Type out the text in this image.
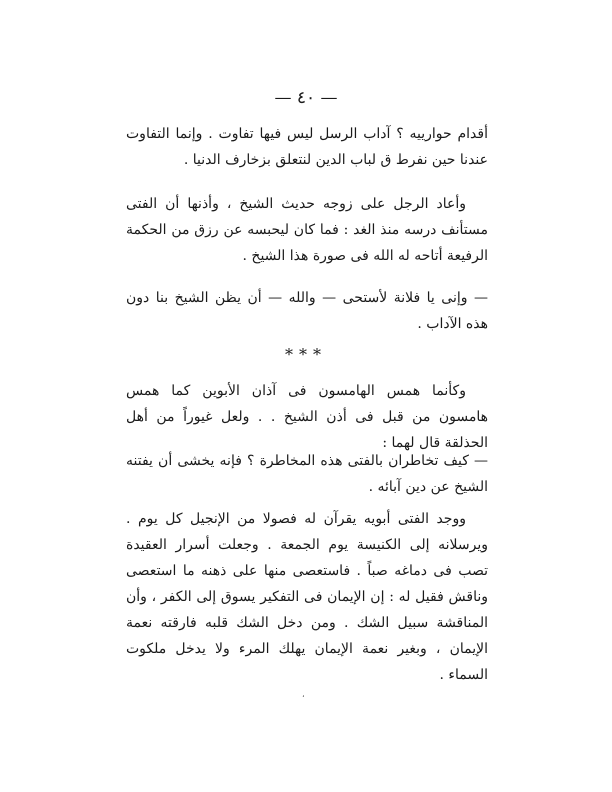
— ٤٠ —

أقدام حوارييه ؟ آداب الرسل ليس فيها تفاوت . وإنما التفاوت عندنا حين نفرط ق لباب الدين لنتعلق بزخارف الدنيا .

وأعاد الرجل على زوجه حديث الشيخ ، وأذنها أن الفتى مستأنف درسه منذ الغد : فما كان ليحبسه عن رزق من الحكمة الرفيعة أتاحه له الله فى صورة هذا الشيخ .

— وإنى يا فلانة لأستحى — والله — أن يظن الشيخ بنا دون هذه الآداب .

***

وكأنما همس الهامسون فى آذان الأبوين كما همس هامسون من قبل فى أذن الشيخ . . ولعل غيوراً من أهل الحذلقة قال لهما :

— كيف تخاطران بالفتى هذه المخاطرة ؟ فإنه يخشى أن يفتنه الشيخ عن دين آبائه .

ووجد الفتى أبويه يقرآن له فصولا من الإنجيل كل يوم . ويرسلانه إلى الكنيسة يوم الجمعة . وجعلت أسرار العقيدة تصب فى دماغه صباً . فاستعصى منها على ذهنه ما استعصى وناقش فقيل له : إن الإيمان فى التفكير يسوق إلى الكفر ، وأن المناقشة سبيل الشك . ومن دخل الشك قلبه فارقته نعمة الإيمان ، وبغير نعمة الإيمان يهلك المرء ولا يدخل ملكوت السماء .

،
